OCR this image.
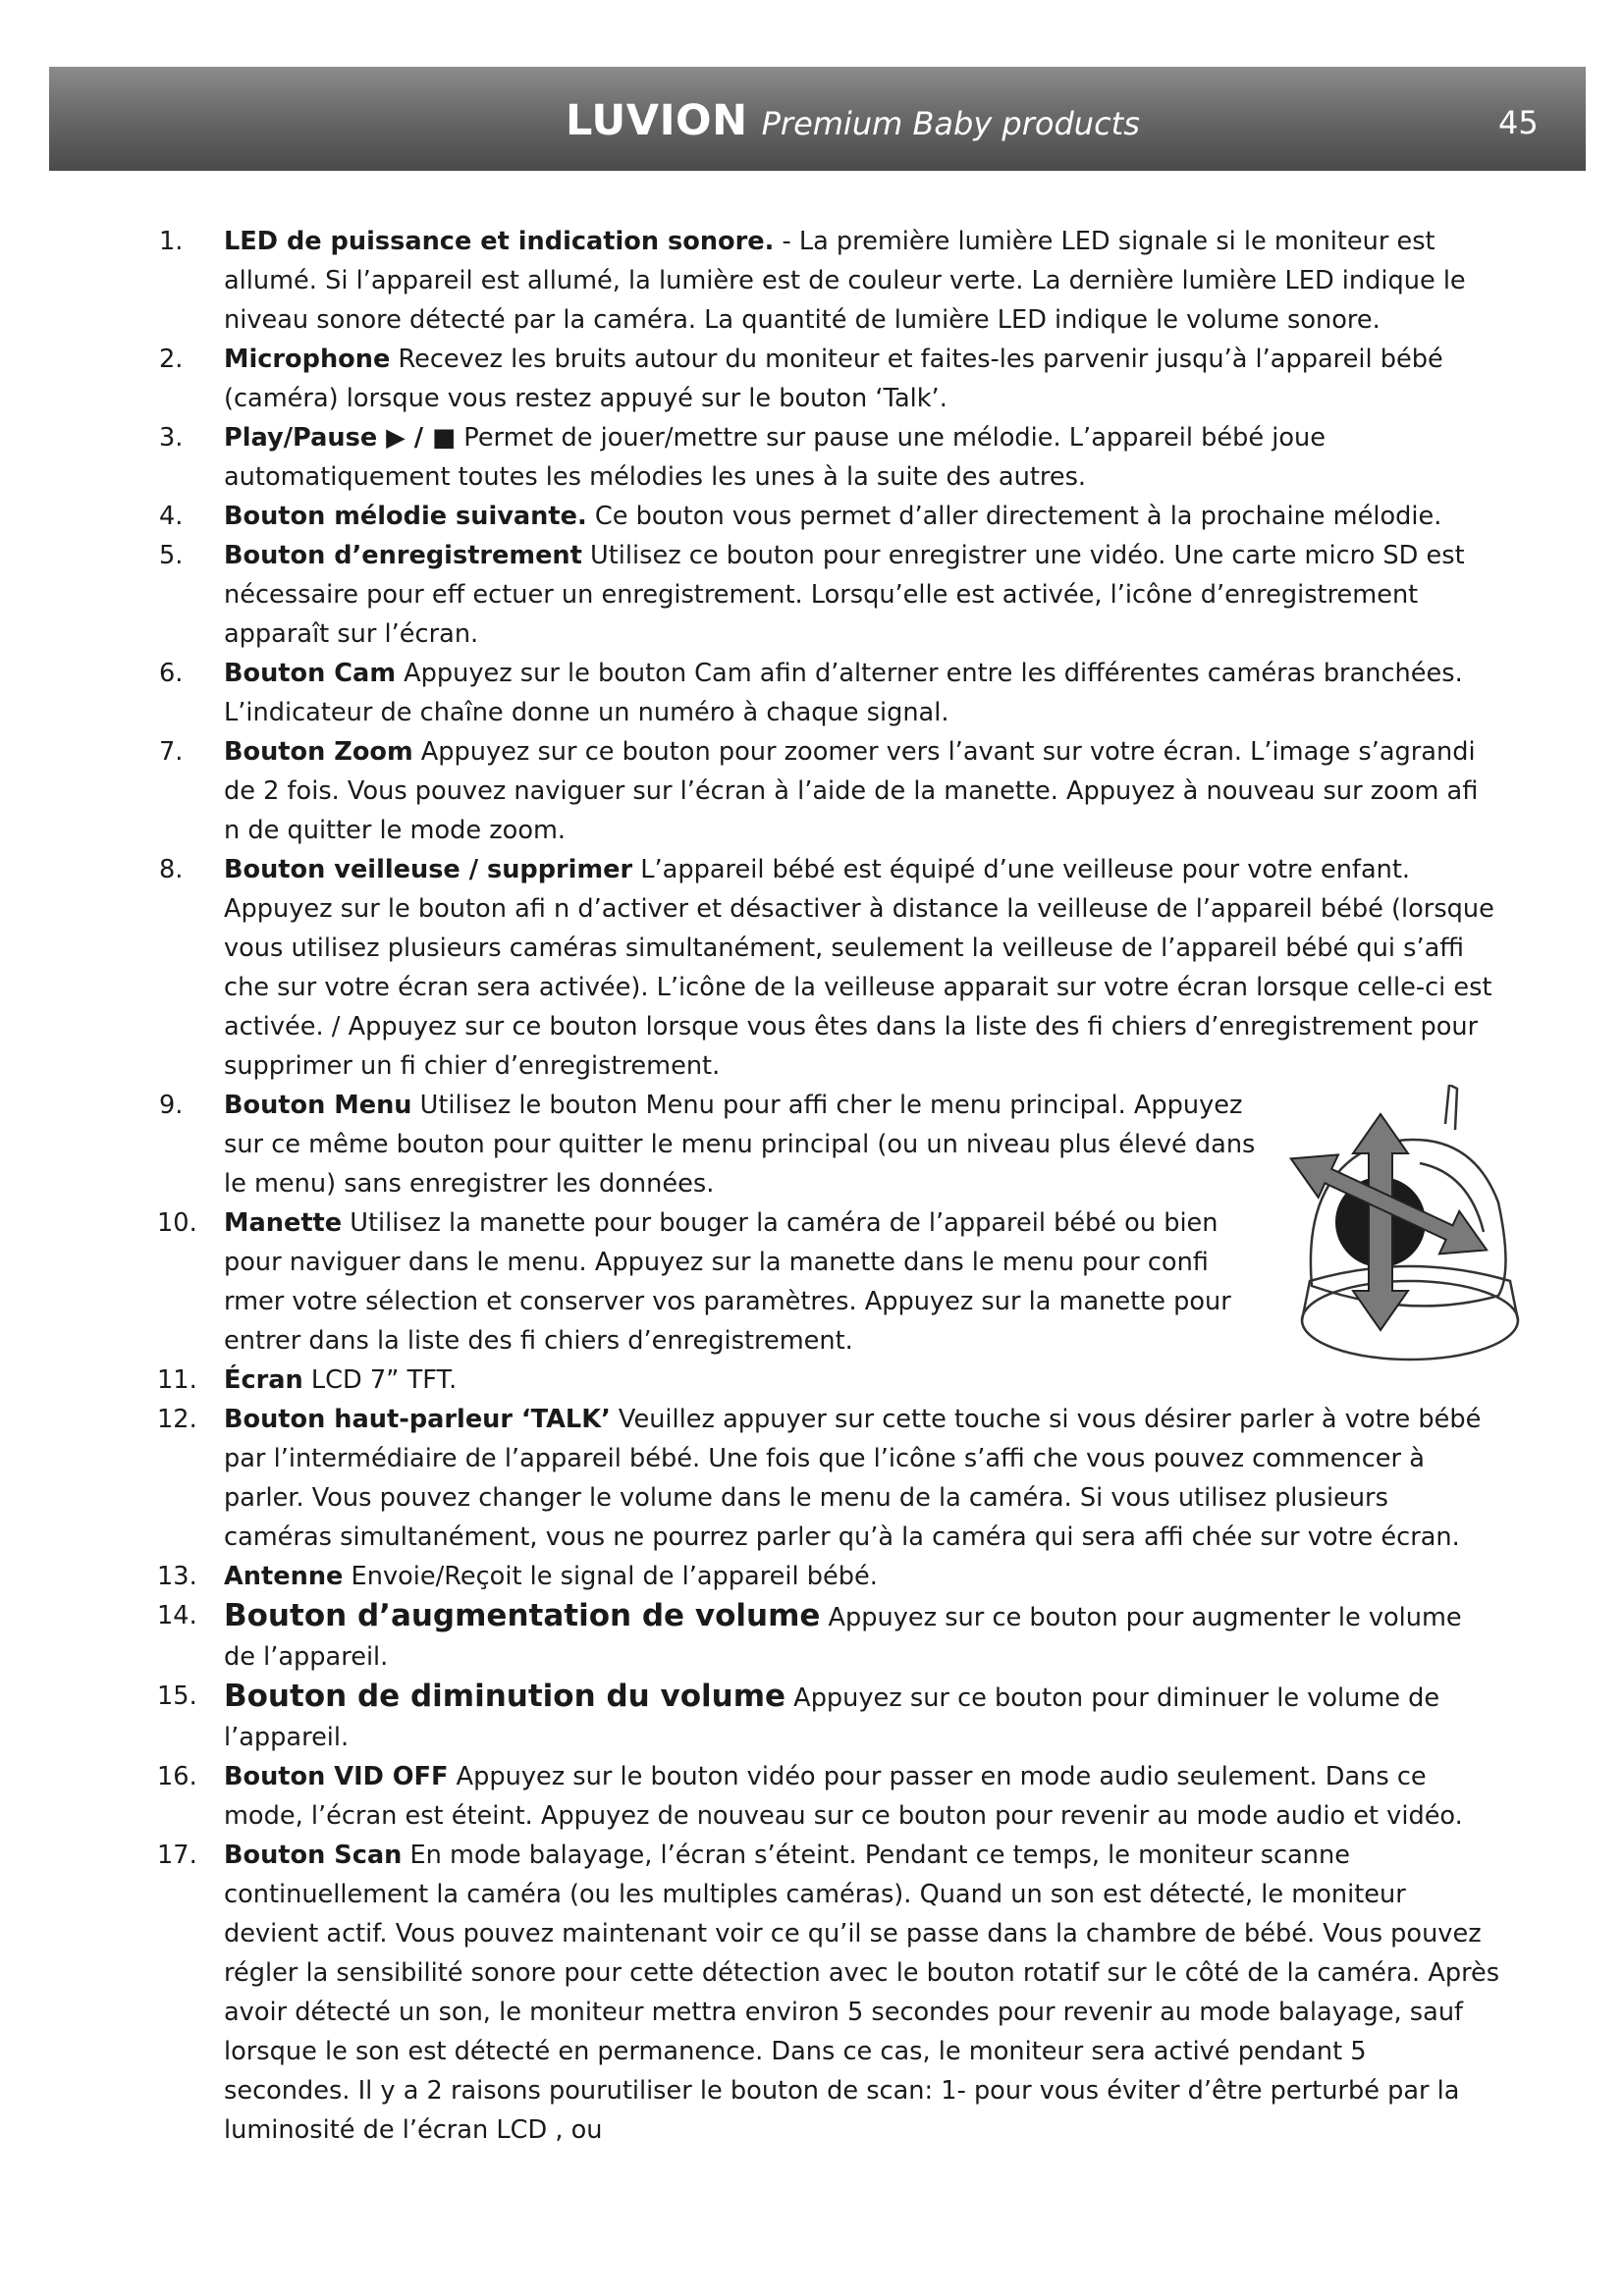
LUVION Premium Baby products	45
1. LED de puissance et indication sonore. - La première lumière LED signale si le moniteur est allumé. Si l’appareil est allumé, la lumière est de couleur verte. La dernière lumière LED indique le niveau sonore détecté par la caméra. La quantité de lumière LED indique le volume sonore.
2. Microphone Recevez les bruits autour du moniteur et faites-les parvenir jusqu’à l’appareil bébé (caméra) lorsque vous restez appuyé sur le bouton ‘Talk’.
3. Play/Pause ▶ / ■ Permet de jouer/mettre sur pause une mélodie. L’appareil bébé joue automatiquement toutes les mélodies les unes à la suite des autres.
4. Bouton mélodie suivante. Ce bouton vous permet d’aller directement à la prochaine mélodie.
5. Bouton d’enregistrement Utilisez ce bouton pour enregistrer une vidéo. Une carte micro SD est nécessaire pour eff ectuer un enregistrement. Lorsqu’elle est activée, l’icône d’enregistrement apparaît sur l’écran.
6. Bouton Cam Appuyez sur le bouton Cam afin d’alterner entre les différentes caméras branchées. L’indicateur de chaîne donne un numéro à chaque signal.
7. Bouton Zoom Appuyez sur ce bouton pour zoomer vers l’avant sur votre écran. L’image s’agrandi de 2 fois. Vous pouvez naviguer sur l’écran à l’aide de la manette. Appuyez à nouveau sur zoom afi n de quitter le mode zoom.
8. Bouton veilleuse / supprimer L’appareil bébé est équipé d’une veilleuse pour votre enfant. Appuyez sur le bouton afi n d’activer et désactiver à distance la veilleuse de l’appareil bébé (lorsque vous utilisez plusieurs caméras simultanément, seulement la veilleuse de l’appareil bébé qui s’affi che sur votre écran sera activée). L’icône de la veilleuse apparait sur votre écran lorsque celle-ci est activée. / Appuyez sur ce bouton lorsque vous êtes dans la liste des fi chiers d’enregistrement pour supprimer un fi chier d’enregistrement.
9. Bouton Menu Utilisez le bouton Menu pour affi cher le menu principal. Appuyez sur ce même bouton pour quitter le menu principal (ou un niveau plus élevé dans le menu) sans enregistrer les données.
10. Manette Utilisez la manette pour bouger la caméra de l’appareil bébé ou bien pour naviguer dans le menu. Appuyez sur la manette dans le menu pour confi rmer votre sélection et conserver vos paramètres. Appuyez sur la manette pour entrer dans la liste des fi chiers d’enregistrement.
11. Écran LCD 7” TFT.
12. Bouton haut-parleur ‘TALK’ Veuillez appuyer sur cette touche si vous désirer parler à votre bébé par l’intermédiaire de l’appareil bébé. Une fois que l’icône s’affi che vous pouvez commencer à parler. Vous pouvez changer le volume dans le menu de la caméra. Si vous utilisez plusieurs caméras simultanément, vous ne pourrez parler qu’à la caméra qui sera affi chée sur votre écran.
13. Antenne Envoie/Reçoit le signal de l’appareil bébé.
14. Bouton d’augmentation de volume Appuyez sur ce bouton pour augmenter le volume de l’appareil.
15. Bouton de diminution du volume Appuyez sur ce bouton pour diminuer le volume de l’appareil.
16. Bouton VID OFF Appuyez sur le bouton vidéo pour passer en mode audio seulement. Dans ce mode, l’écran est éteint. Appuyez de nouveau sur ce bouton pour revenir au mode audio et vidéo.
17. Bouton Scan En mode balayage, l’écran s’éteint. Pendant ce temps, le moniteur scanne continuellement la caméra (ou les multiples caméras). Quand un son est détecté, le moniteur devient actif. Vous pouvez maintenant voir ce qu’il se passe dans la chambre de bébé. Vous pouvez régler la sensibilité sonore pour cette détection avec le bouton rotatif sur le côté de la caméra. Après avoir détecté un son, le moniteur mettra environ 5 secondes pour revenir au mode balayage, sauf lorsque le son est détecté en permanence. Dans ce cas, le moniteur sera activé pendant 5 secondes. Il y a 2 raisons pourutiliser le bouton de scan: 1- pour vous éviter d’être perturbé par la luminosité de l’écran LCD , ou
